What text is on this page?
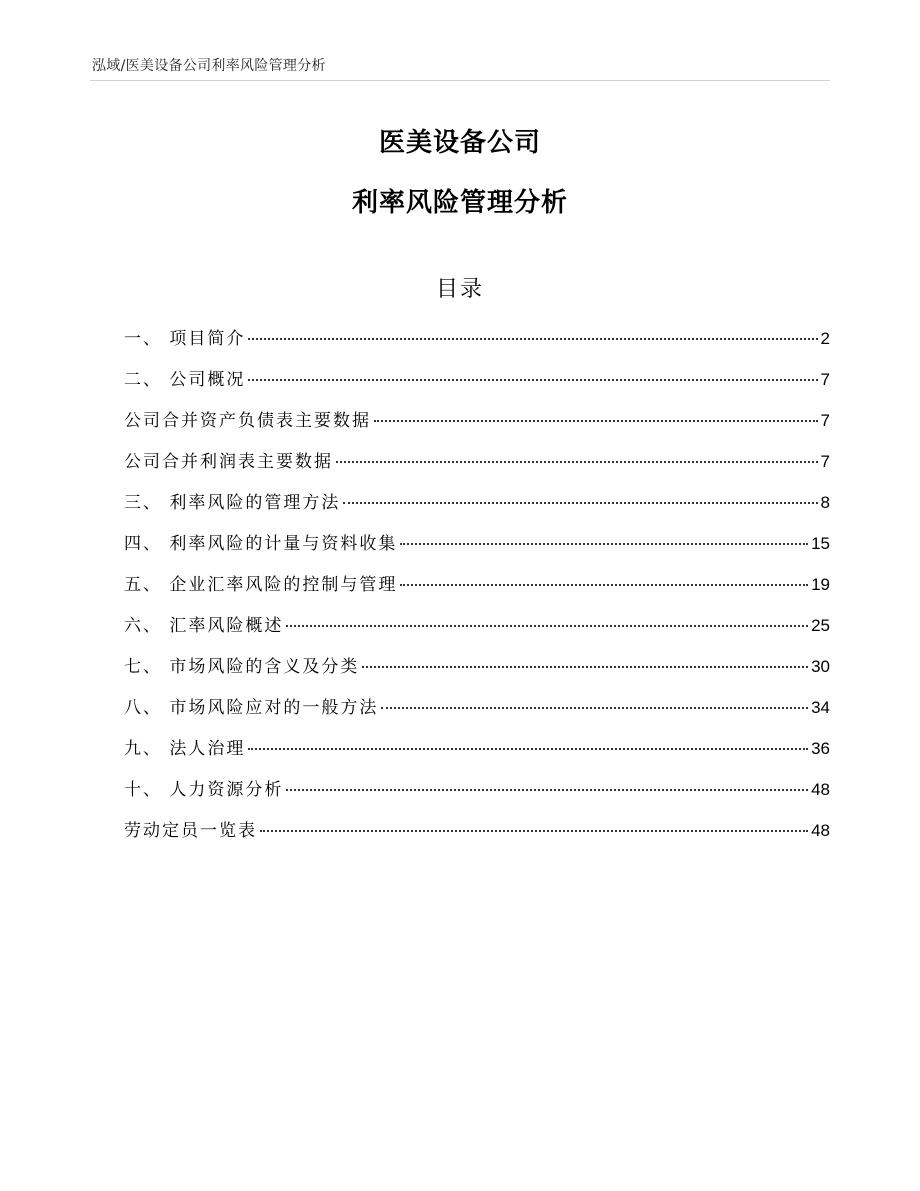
泓域/医美设备公司利率风险管理分析
医美设备公司
利率风险管理分析
目录
一、 项目简介	2
二、 公司概况	7
公司合并资产负债表主要数据	7
公司合并利润表主要数据	7
三、 利率风险的管理方法	8
四、 利率风险的计量与资料收集	15
五、 企业汇率风险的控制与管理	19
六、 汇率风险概述	25
七、 市场风险的含义及分类	30
八、 市场风险应对的一般方法	34
九、 法人治理	36
十、 人力资源分析	48
劳动定员一览表	48
